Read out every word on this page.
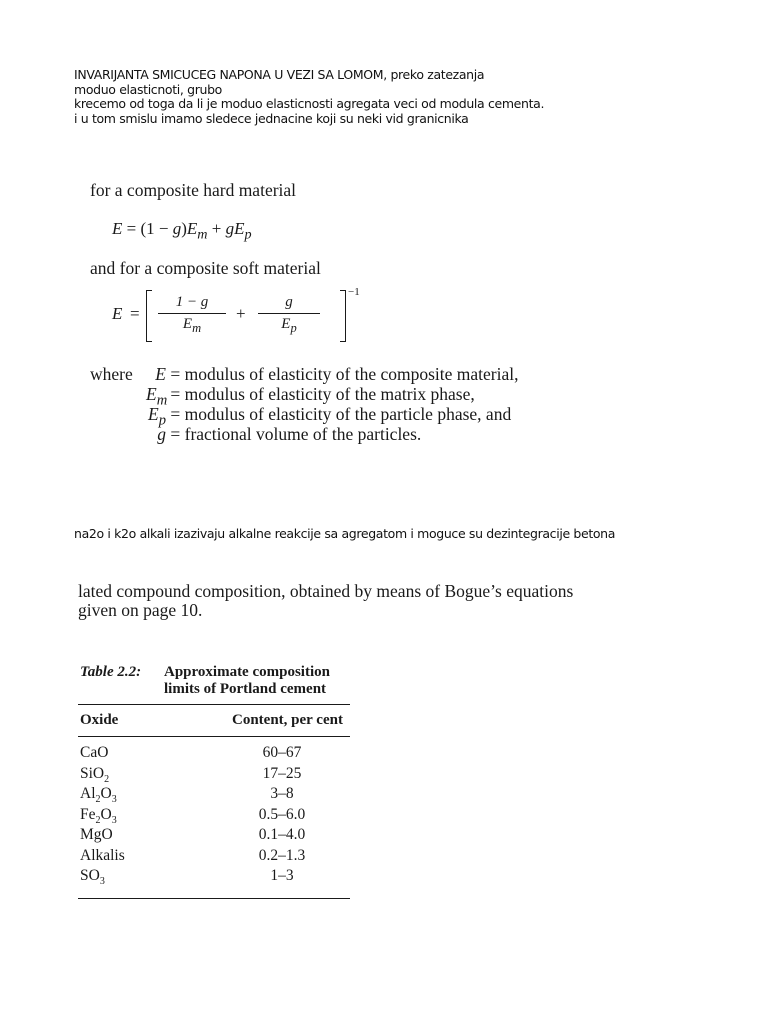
INVARIJANTA SMICUCEG NAPONA U VEZI SA LOMOM, preko zatezanja
moduo elasticnoti, grubo
krecemo od toga da li je moduo elasticnosti agregata veci od modula cementa.
i u tom smislu imamo sledece jednacine koji su neki vid granicnika
for a composite hard material
$E = (1 - g)E_m + gE_p$
and for a composite soft material
E =
1 − g
$E_m$
+
g
$E_p$
−1
where	E = modulus of elasticity of the composite material,
$E_m$ = modulus of elasticity of the matrix phase,
$E_p$ = modulus of elasticity of the particle phase, and
g = fractional volume of the particles.
na2o i k2o alkali izazivaju alkalne reakcije sa agregatom i moguce su dezintegracije betona
lated compound composition, obtained by means of Bogue’s equations
given on page 10.
Table 2.2: Approximate composition
limits of Portland cement
Oxide	Content, per cent
CaO	60–67
SiO$_2$	17–25
$Al_2O_3$	3–8
$Fe_2O_3$	0.5–6.0
MgO	0.1–4.0
Alkalis	0.2–1.3
$SO_3$	1–3
